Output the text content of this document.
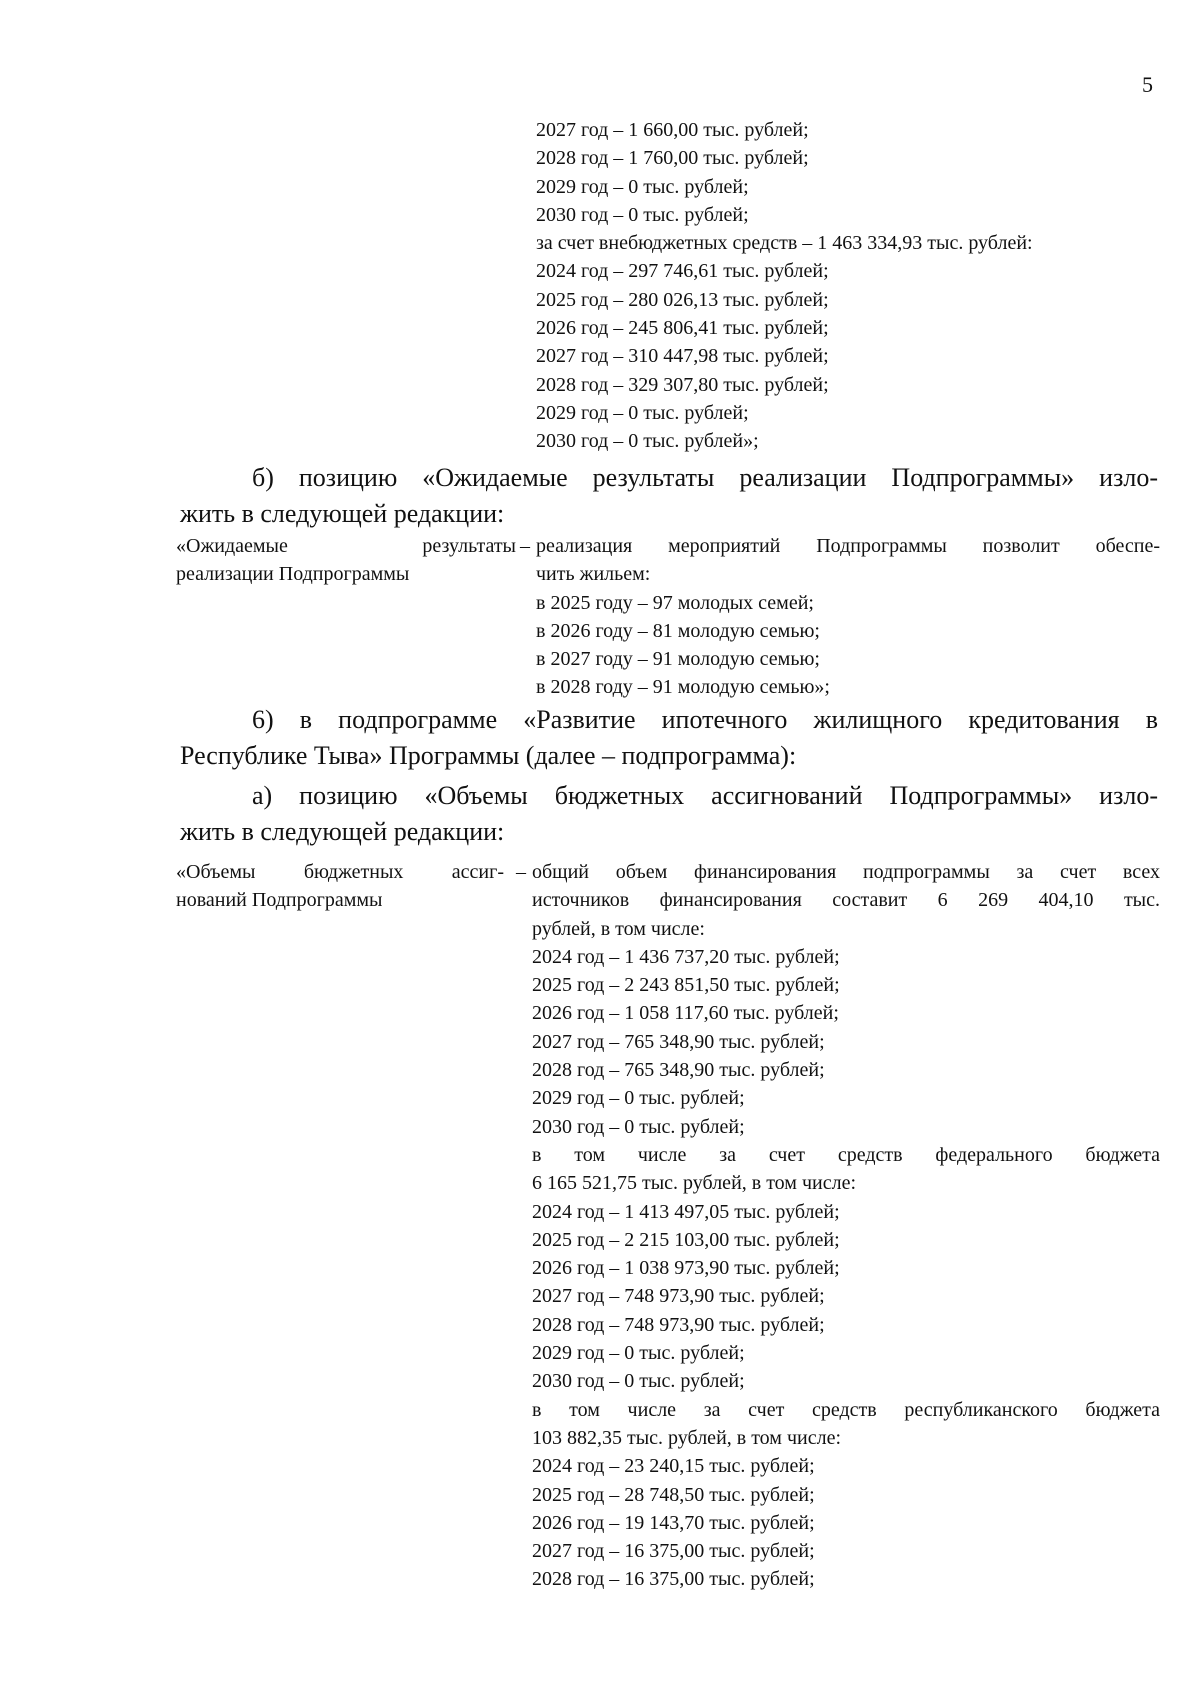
5
2027 год – 1 660,00 тыс. рублей;
2028 год – 1 760,00 тыс. рублей;
2029 год – 0 тыс. рублей;
2030 год – 0 тыс. рублей;
за счет внебюджетных средств – 1 463 334,93 тыс. рублей:
2024 год – 297 746,61 тыс. рублей;
2025 год – 280 026,13 тыс. рублей;
2026 год – 245 806,41 тыс. рублей;
2027 год – 310 447,98 тыс. рублей;
2028 год – 329 307,80 тыс. рублей;
2029 год – 0 тыс. рублей;
2030 год – 0 тыс. рублей»;
б) позицию «Ожидаемые результаты реализации Подпрограммы» изло-
жить в следующей редакции:
«Ожидаемые результаты
реализации Подпрограммы
– реализация мероприятий Подпрограммы позволит обеспе-
чить жильем:
в 2025 году – 97 молодых семей;
в 2026 году – 81 молодую семью;
в 2027 году – 91 молодую семью;
в 2028 году – 91 молодую семью»;
6) в подпрограмме «Развитие ипотечного жилищного кредитования в
Республике Тыва» Программы (далее – подпрограмма):
а) позицию «Объемы бюджетных ассигнований Подпрограммы» изло-
жить в следующей редакции:
«Объемы бюджетных ассиг-
нований Подпрограммы
– общий объем финансирования подпрограммы за счет всех
источников финансирования составит 6 269 404,10 тыс.
рублей, в том числе:
2024 год – 1 436 737,20 тыс. рублей;
2025 год – 2 243 851,50 тыс. рублей;
2026 год – 1 058 117,60 тыс. рублей;
2027 год – 765 348,90 тыс. рублей;
2028 год – 765 348,90 тыс. рублей;
2029 год – 0 тыс. рублей;
2030 год – 0 тыс. рублей;
в том числе за счет средств федерального бюджета
6 165 521,75 тыс. рублей, в том числе:
2024 год – 1 413 497,05 тыс. рублей;
2025 год – 2 215 103,00 тыс. рублей;
2026 год – 1 038 973,90 тыс. рублей;
2027 год – 748 973,90 тыс. рублей;
2028 год – 748 973,90 тыс. рублей;
2029 год – 0 тыс. рублей;
2030 год – 0 тыс. рублей;
в том числе за счет средств республиканского бюджета
103 882,35 тыс. рублей, в том числе:
2024 год – 23 240,15 тыс. рублей;
2025 год – 28 748,50 тыс. рублей;
2026 год – 19 143,70 тыс. рублей;
2027 год – 16 375,00 тыс. рублей;
2028 год – 16 375,00 тыс. рублей;
